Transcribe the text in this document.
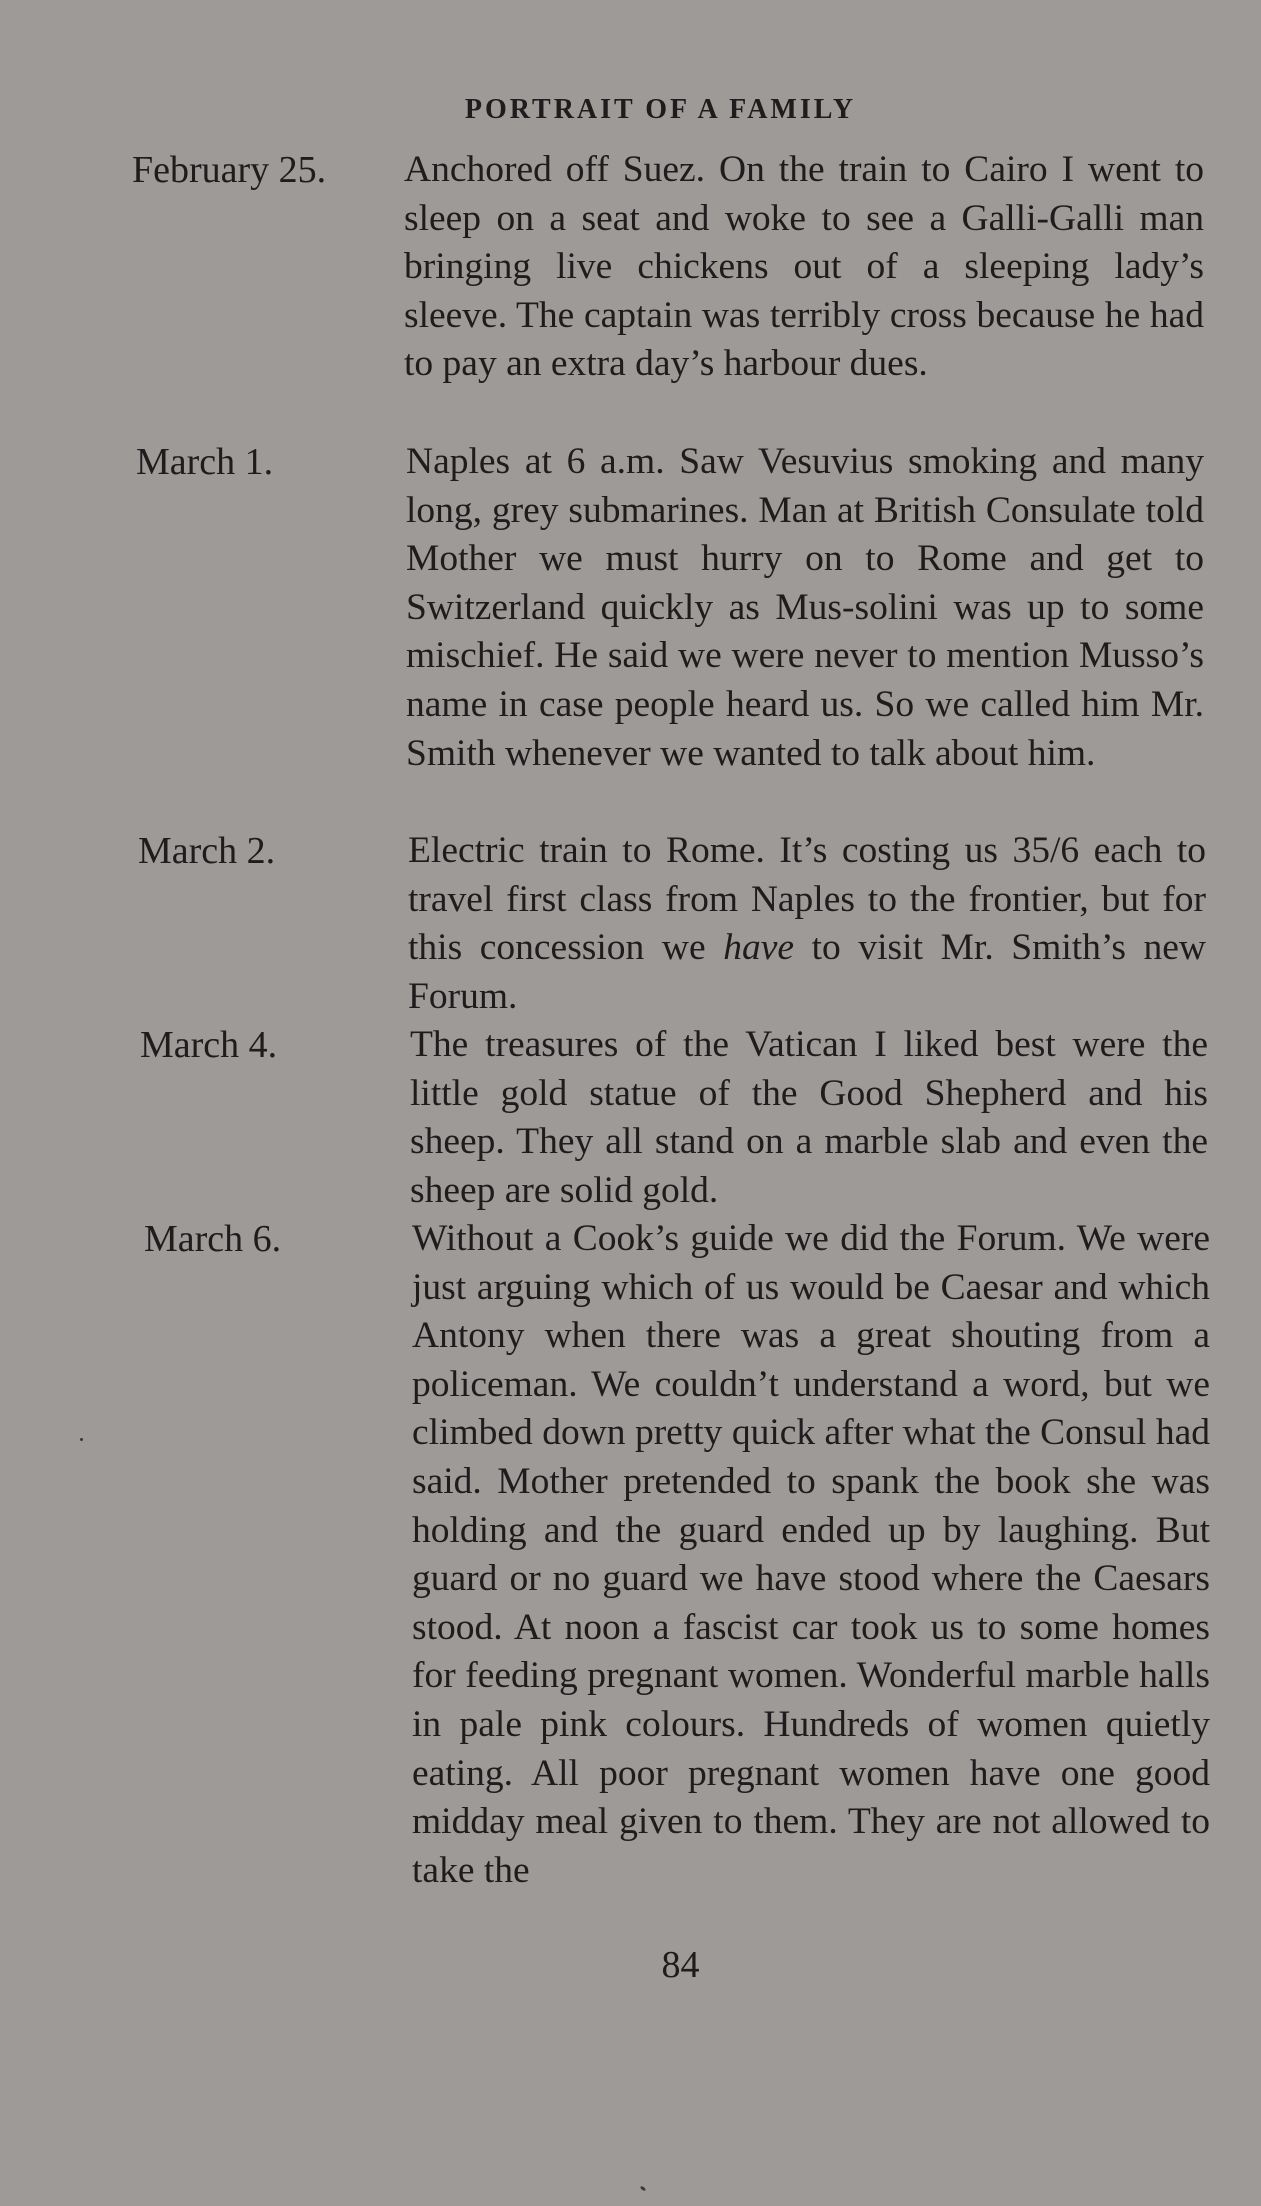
PORTRAIT OF A FAMILY
February 25. Anchored off Suez. On the train to Cairo I went to sleep on a seat and woke to see a Galli-Galli man bringing live chickens out of a sleeping lady’s sleeve. The captain was terribly cross because he had to pay an extra day’s harbour dues.
March 1.	Naples at 6 a.m. Saw Vesuvius smoking and many long, grey submarines. Man at British Consulate told Mother we must hurry on to Rome and get to Switzerland quickly as Mus-solini was up to some mischief. He said we were never to mention Musso’s name in case people heard us. So we called him Mr. Smith whenever we wanted to talk about him.
March 2.	Electric train to Rome. It’s costing us 35/6 each to travel first class from Naples to the frontier, but for this concession we have to visit Mr. Smith’s new Forum.
March 4.	The treasures of the Vatican I liked best were the little gold statue of the Good Shepherd and his sheep. They all stand on a marble slab and even the sheep are solid gold.
March 6.	Without a Cook’s guide we did the Forum. We were just arguing which of us would be Caesar and which Antony when there was a great shouting from a policeman. We couldn’t understand a word, but we climbed down pretty quick after what the Consul had said. Mother pretended to spank the book she was holding and the guard ended up by laughing. But guard or no guard we have stood where the Caesars stood. At noon a fascist car took us to some homes for feeding pregnant women. Wonderful marble halls in pale pink colours. Hundreds of women quietly eating. All poor pregnant women have one good midday meal given to them. They are not allowed to take the
84
